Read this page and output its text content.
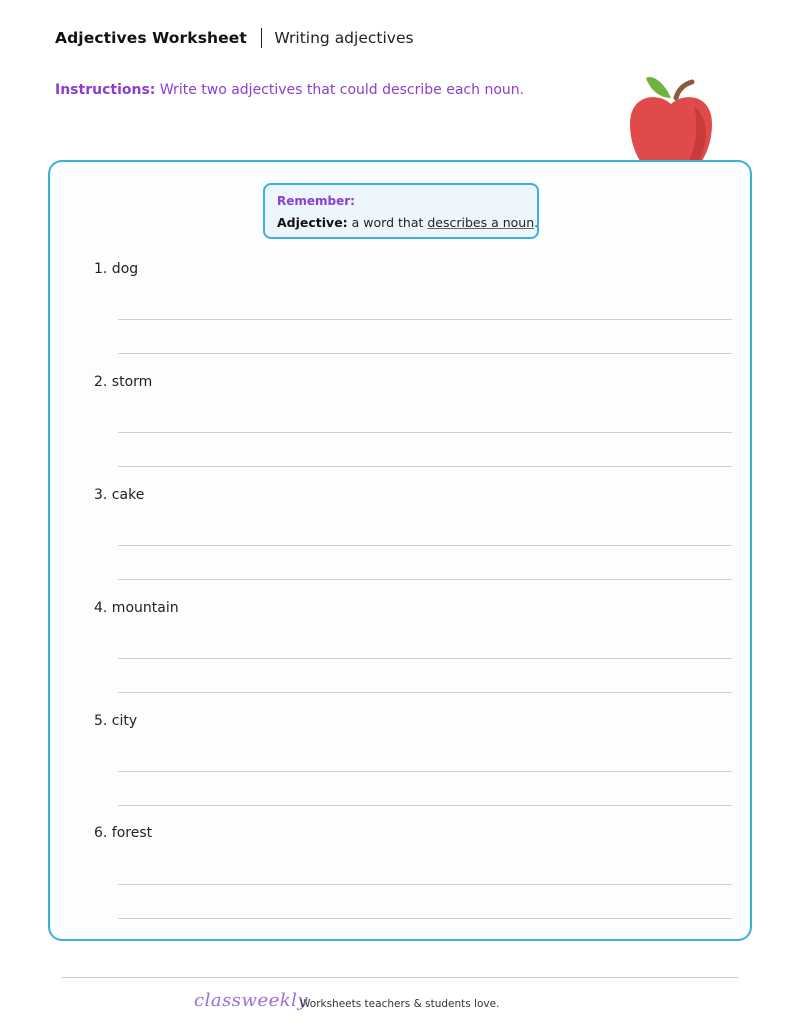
Adjectives Worksheet Writing adjectives
Instructions: Write two adjectives that could describe each noun.
Remember:
Adjective: a word that describes a noun.
1. dog
2. storm
3. cake
4. mountain
5. city
6. forest
classweekly
Worksheets teachers & students love.
